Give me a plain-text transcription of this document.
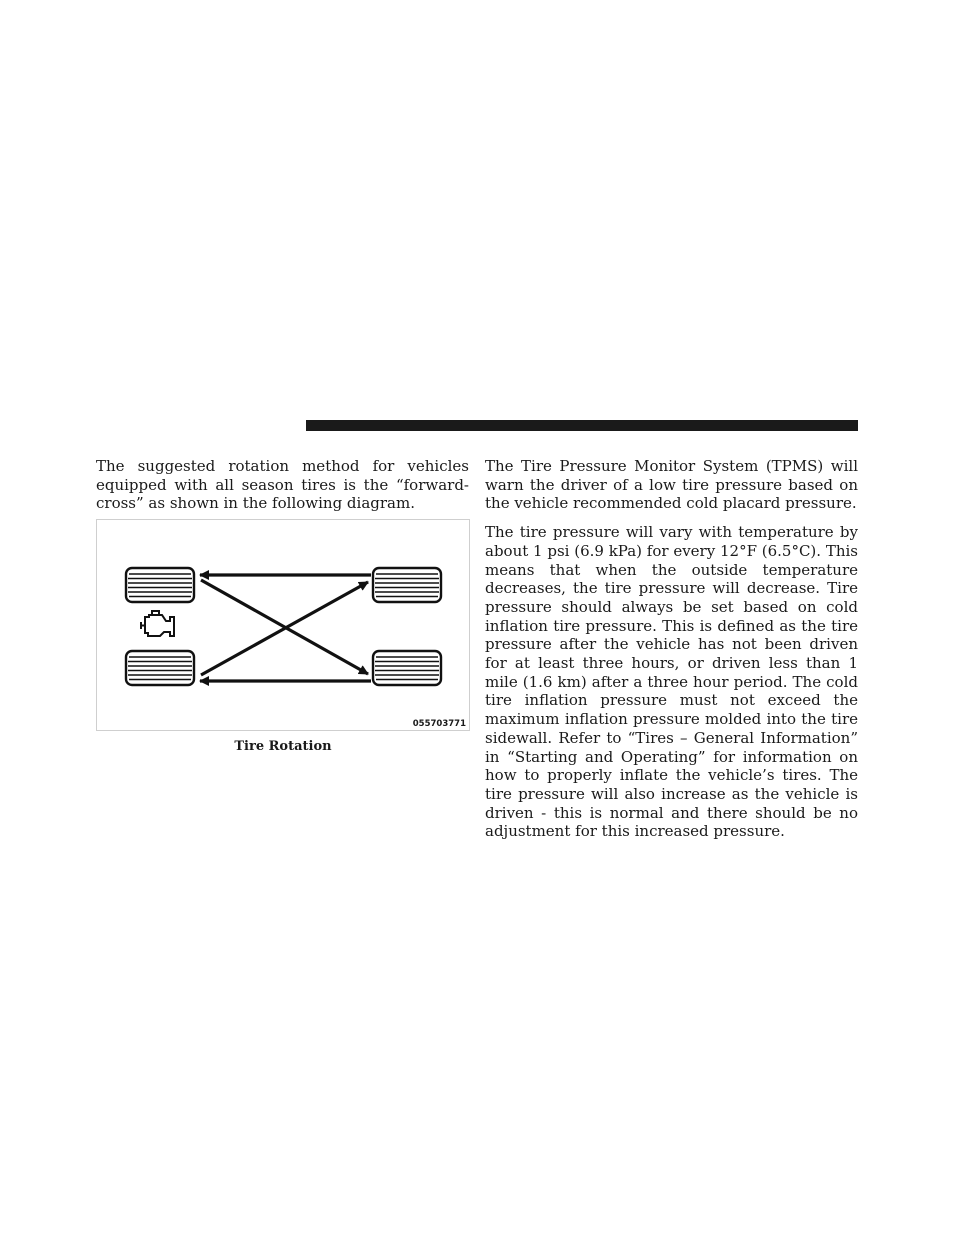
The suggested rotation method for vehicles equipped with all season tires is the “forward-cross” as shown in the following diagram.

055703771
Tire Rotation

The Tire Pressure Monitor System (TPMS) will warn the driver of a low tire pressure based on the vehicle recommended cold placard pressure.

The tire pressure will vary with temperature by about 1 psi (6.9 kPa) for every 12°F (6.5°C). This means that when the outside temperature decreases, the tire pressure will decrease. Tire pressure should always be set based on cold inflation tire pressure. This is defined as the tire pressure after the vehicle has not been driven for at least three hours, or driven less than 1 mile (1.6 km) after a three hour period. The cold tire inflation pressure must not exceed the maximum inflation pressure molded into the tire sidewall. Refer to “Tires – General Information” in “Starting and Operating” for information on how to properly inflate the vehicle’s tires. The tire pressure will also increase as the vehicle is driven - this is normal and there should be no adjustment for this increased pressure.
